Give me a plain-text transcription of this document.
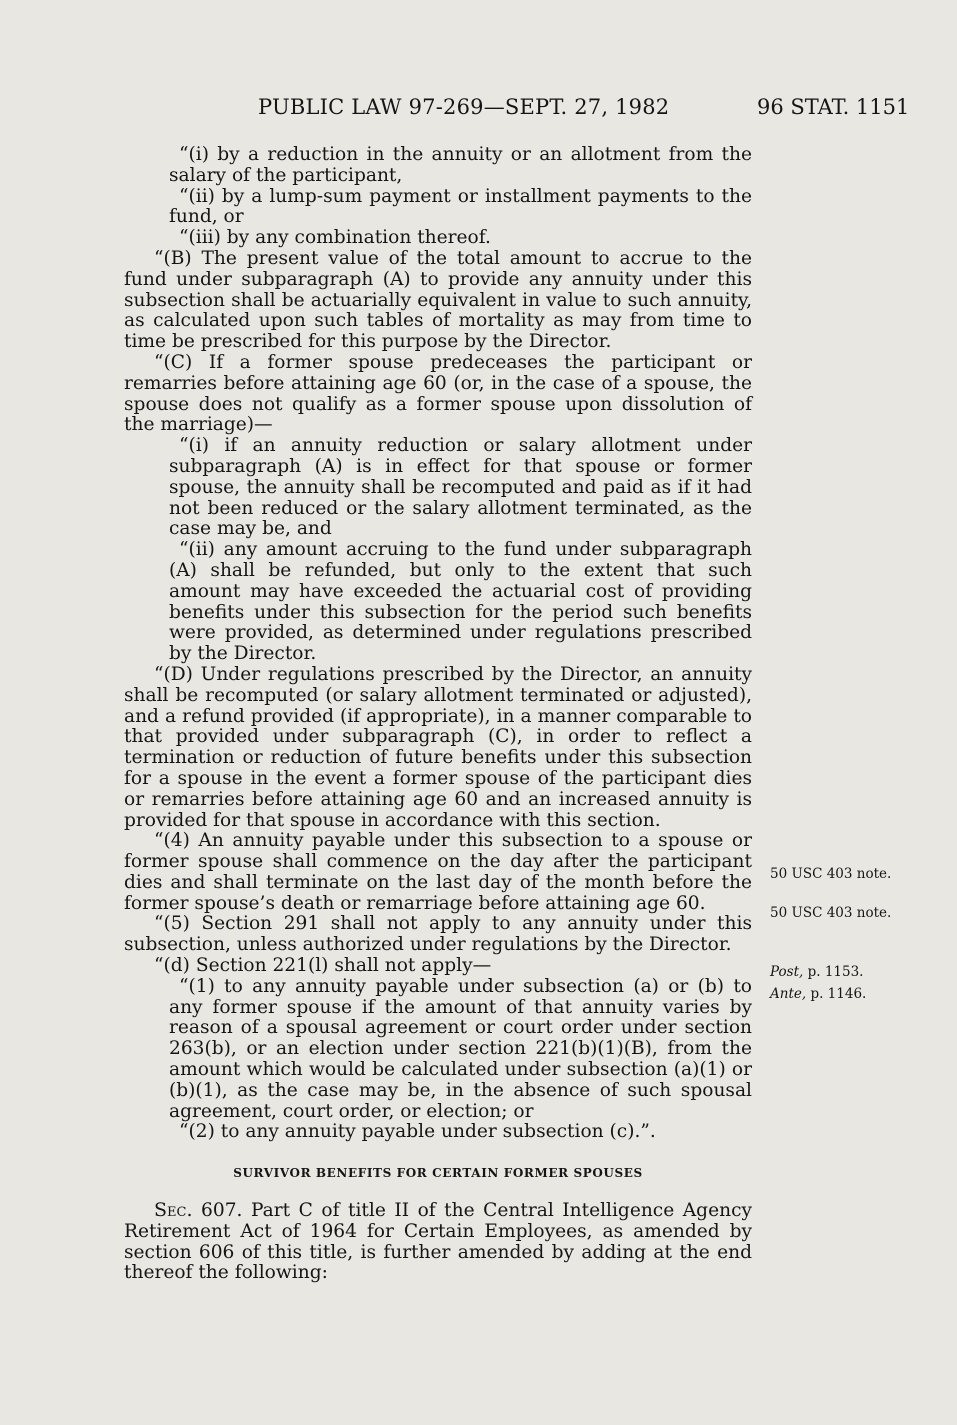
PUBLIC LAW 97-269—SEPT. 27, 1982	96 STAT. 1151

“(i) by a reduction in the annuity or an allotment from the salary of the participant,

“(ii) by a lump-sum payment or installment payments to the fund, or

“(iii) by any combination thereof.

“(B) The present value of the total amount to accrue to the fund under subparagraph (A) to provide any annuity under this subsection shall be actuarially equivalent in value to such annuity, as calculated upon such tables of mortality as may from time to time be prescribed for this purpose by the Director.

“(C) If a former spouse predeceases the participant or remarries before attaining age 60 (or, in the case of a spouse, the spouse does not qualify as a former spouse upon dissolution of the marriage)—

“(i) if an annuity reduction or salary allotment under subparagraph (A) is in effect for that spouse or former spouse, the annuity shall be recomputed and paid as if it had not been reduced or the salary allotment terminated, as the case may be, and

“(ii) any amount accruing to the fund under subparagraph (A) shall be refunded, but only to the extent that such amount may have exceeded the actuarial cost of providing benefits under this subsection for the period such benefits were provided, as determined under regulations prescribed by the Director.

“(D) Under regulations prescribed by the Director, an annuity shall be recomputed (or salary allotment terminated or adjusted), and a refund provided (if appropriate), in a manner comparable to that provided under subparagraph (C), in order to reflect a termination or reduction of future benefits under this subsection for a spouse in the event a former spouse of the participant dies or remarries before attaining age 60 and an increased annuity is provided for that spouse in accordance with this section.

“(4) An annuity payable under this subsection to a spouse or former spouse shall commence on the day after the participant dies and shall terminate on the last day of the month before the former spouse’s death or remarriage before attaining age 60.

“(5) Section 291 shall not apply to any annuity under this subsection, unless authorized under regulations by the Director.

“(d) Section 221(l) shall not apply—

“(1) to any annuity payable under subsection (a) or (b) to any former spouse if the amount of that annuity varies by reason of a spousal agreement or court order under section 263(b), or an election under section 221(b)(1)(B), from the amount which would be calculated under subsection (a)(1) or (b)(1), as the case may be, in the absence of such spousal agreement, court order, or election; or

“(2) to any annuity payable under subsection (c).”.

SURVIVOR BENEFITS FOR CERTAIN FORMER SPOUSES

Sec. 607. Part C of title II of the Central Intelligence Agency Retirement Act of 1964 for Certain Employees, as amended by section 606 of this title, is further amended by adding at the end thereof the following:

50 USC 403 note.
50 USC 403 note.
Post, p. 1153.
Ante, p. 1146.
